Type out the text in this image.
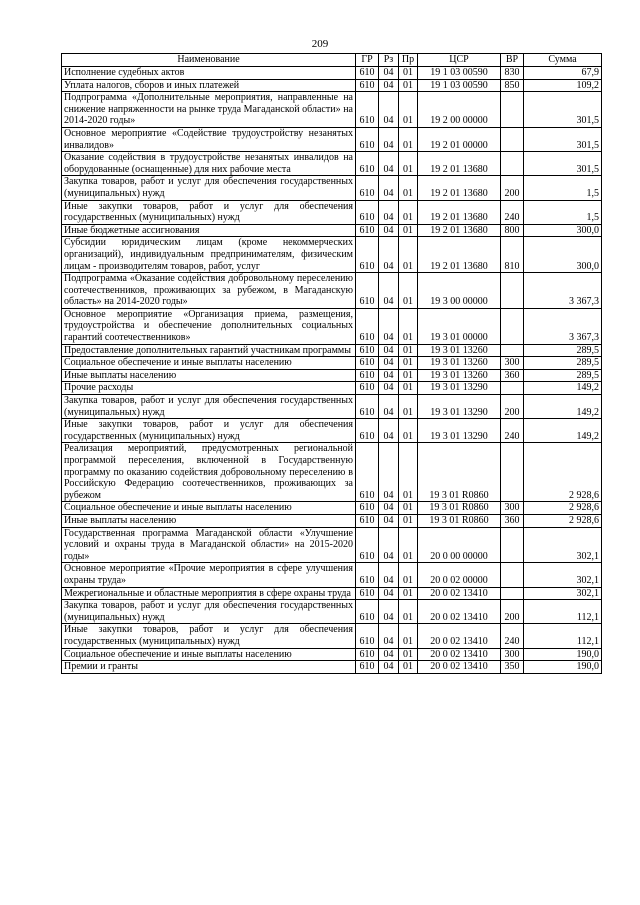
209
Наименование	ГР	Рз	Пр	ЦСР	ВР	Сумма
Исполнение судебных актов	610	04	01	19 1 03 00590	830	67,9
Уплата налогов, сборов и иных платежей	610	04	01	19 1 03 00590	850	109,2
Подпрограмма «Дополнительные мероприятия, направленные на снижение напряженности на рынке труда Магаданской области» на 2014-2020 годы»	610	04	01	19 2 00 00000		301,5
Основное мероприятие «Содействие трудоустройству незанятых инвалидов»	610	04	01	19 2 01 00000		301,5
Оказание содействия в трудоустройстве незанятых инвалидов на оборудованные (оснащенные) для них рабочие места	610	04	01	19 2 01 13680		301,5
Закупка товаров, работ и услуг для обеспечения государственных (муниципальных) нужд	610	04	01	19 2 01 13680	200	1,5
Иные закупки товаров, работ и услуг для обеспечения государственных (муниципальных) нужд	610	04	01	19 2 01 13680	240	1,5
Иные бюджетные ассигнования	610	04	01	19 2 01 13680	800	300,0
Субсидии юридическим лицам (кроме некоммерческих организаций), индивидуальным предпринимателям, физическим лицам - производителям товаров, работ, услуг	610	04	01	19 2 01 13680	810	300,0
Подпрограмма «Оказание содействия добровольному переселению соотечественников, проживающих за рубежом, в Магаданскую область» на 2014-2020 годы»	610	04	01	19 3 00 00000		3 367,3
Основное мероприятие «Организация приема, размещения, трудоустройства и обеспечение дополнительных социальных гарантий соотечественников»	610	04	01	19 3 01 00000		3 367,3
Предоставление дополнительных гарантий участникам программы	610	04	01	19 3 01 13260		289,5
Социальное обеспечение и иные выплаты населению	610	04	01	19 3 01 13260	300	289,5
Иные выплаты населению	610	04	01	19 3 01 13260	360	289,5
Прочие расходы	610	04	01	19 3 01 13290		149,2
Закупка товаров, работ и услуг для обеспечения государственных (муниципальных) нужд	610	04	01	19 3 01 13290	200	149,2
Иные закупки товаров, работ и услуг для обеспечения государственных (муниципальных) нужд	610	04	01	19 3 01 13290	240	149,2
Реализация мероприятий, предусмотренных региональной программой переселения, включенной в Государственную программу по оказанию содействия добровольному переселению в Российскую Федерацию соотечественников, проживающих за рубежом	610	04	01	19 3 01 R0860		2 928,6
Социальное обеспечение и иные выплаты населению	610	04	01	19 3 01 R0860	300	2 928,6
Иные выплаты населению	610	04	01	19 3 01 R0860	360	2 928,6
Государственная программа Магаданской области «Улучшение условий и охраны труда в Магаданской области» на 2015-2020 годы»	610	04	01	20 0 00 00000		302,1
Основное мероприятие «Прочие мероприятия в сфере улучшения охраны труда»	610	04	01	20 0 02 00000		302,1
Межрегиональные и областные мероприятия в сфере охраны труда	610	04	01	20 0 02 13410		302,1
Закупка товаров, работ и услуг для обеспечения государственных (муниципальных) нужд	610	04	01	20 0 02 13410	200	112,1
Иные закупки товаров, работ и услуг для обеспечения государственных (муниципальных) нужд	610	04	01	20 0 02 13410	240	112,1
Социальное обеспечение и иные выплаты населению	610	04	01	20 0 02 13410	300	190,0
Премии и гранты	610	04	01	20 0 02 13410	350	190,0
